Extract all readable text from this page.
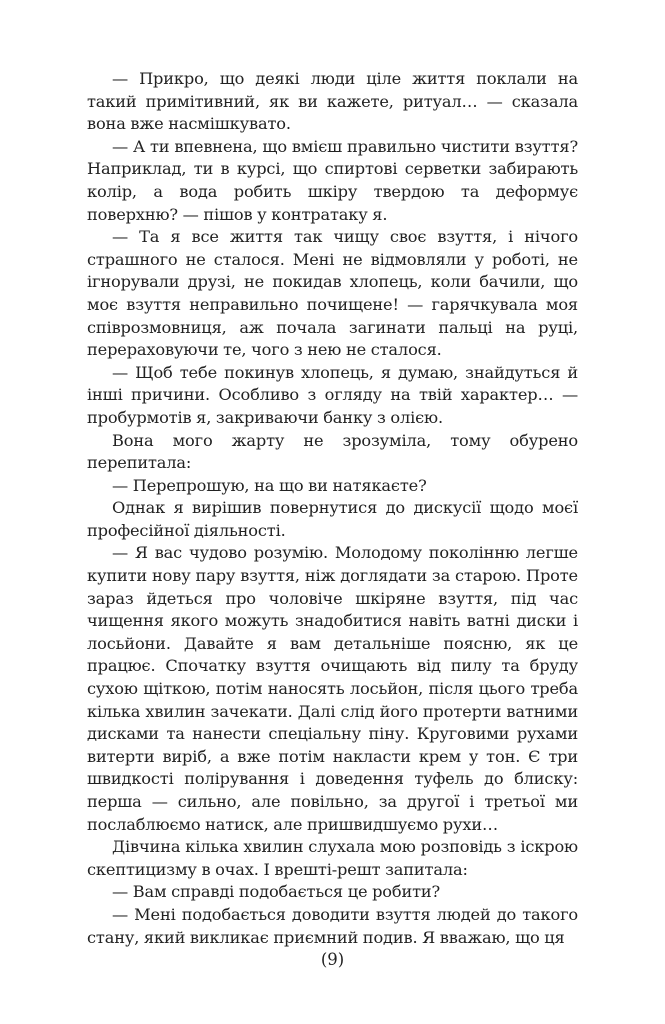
— Прикро, що деякі люди ціле життя поклали на такий примітивний, як ви кажете, ритуал… — сказала вона вже насмішкувато.

— А ти впевнена, що вмієш правильно чистити взуття? Наприклад, ти в курсі, що спиртові серветки забирають колір, а вода робить шкіру твердою та деформує поверхню? — пішов у контратаку я.

— Та я все життя так чищу своє взуття, і нічого страшного не сталося. Мені не відмовляли у роботі, не ігнорували друзі, не покидав хлопець, коли бачили, що моє взуття неправильно почищене! — гарячкувала моя співрозмовниця, аж почала загинати пальці на руці, перераховуючи те, чого з нею не сталося.

— Щоб тебе покинув хлопець, я думаю, знайдуться й інші причини. Особливо з огляду на твій характер… — пробурмотів я, закриваючи банку з олією.

Вона мого жарту не зрозуміла, тому обурено перепитала:

— Перепрошую, на що ви натякаєте?

Однак я вирішив повернутися до дискусії щодо моєї професійної діяльності.

— Я вас чудово розумію. Молодому поколінню легше купити нову пару взуття, ніж доглядати за старою. Проте зараз йдеться про чоловіче шкіряне взуття, під час чищення якого можуть знадобитися навіть ватні диски і лосьйони. Давайте я вам детальніше поясню, як це працює. Спочатку взуття очищають від пилу та бруду сухою щіткою, потім наносять лосьйон, після цього треба кілька хвилин зачекати. Далі слід його протерти ватними дисками та нанести спеціальну піну. Круговими рухами витерти виріб, а вже потім накласти крем у тон. Є три швидкості полірування і доведення туфель до блиску: перша — сильно, але повільно, за другої і третьої ми послаблюємо натиск, але пришвидшуємо рухи…

Дівчина кілька хвилин слухала мою розповідь з іскрою скептицизму в очах. І врешті-решт запитала:

— Вам справді подобається це робити?

— Мені подобається доводити взуття людей до такого стану, який викликає приємний подив. Я вважаю, що ця

(9)
